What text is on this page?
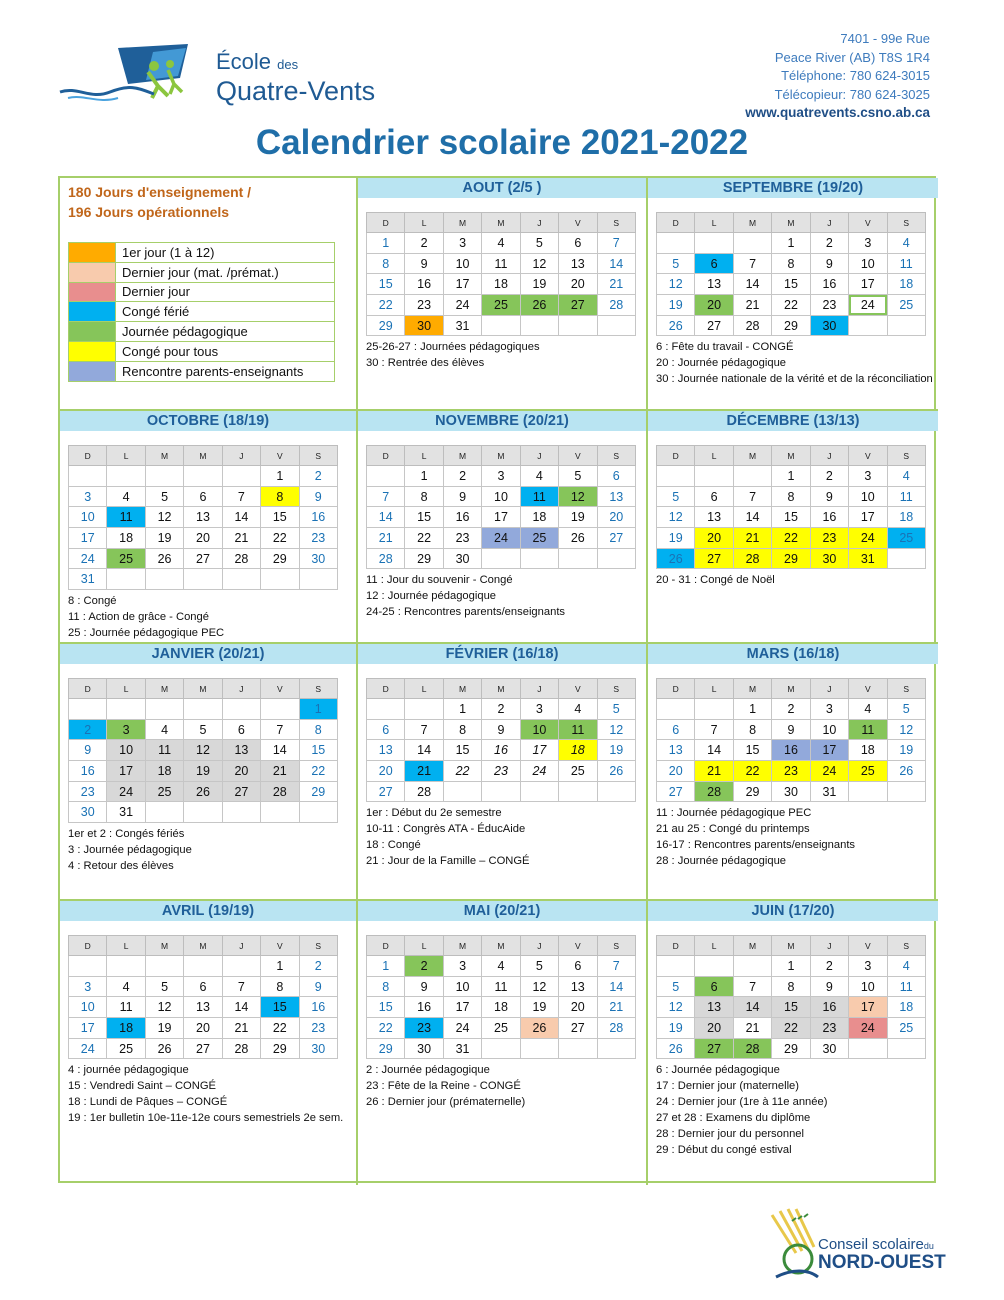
École des
Quatre-Vents
7401 - 99e Rue
Peace River (AB) T8S 1R4
Téléphone: 780 624-3015
Télécopieur: 780 624-3025
www.quatrevents.csno.ab.ca
Calendrier scolaire 2021-2022
180 Jours d'enseignement /
196 Jours opérationnels
	1er jour (1 à 12)
	Dernier jour (mat. /prémat.)
	Dernier jour
	Congé férié
	Journée pédagogique
	Congé pour tous
	Rencontre parents-enseignants
AOUT (2/5 )
D	L	M	M	J	V	S
1	2	3	4	5	6	7
8	9	10	11	12	13	14
15	16	17	18	19	20	21
22	23	24	25	26	27	28
29	30	31				
25-26-27 : Journées pédagogiques
30 : Rentrée des élèves
SEPTEMBRE (19/20)
D	L	M	M	J	V	S
			1	2	3	4
5	6	7	8	9	10	11
12	13	14	15	16	17	18
19	20	21	22	23	24	25
26	27	28	29	30		
6 : Fête du travail - CONGÉ
20 : Journée pédagogique
30 : Journée nationale de la vérité et de la réconciliation
OCTOBRE (18/19)
D	L	M	M	J	V	S
					1	2
3	4	5	6	7	8	9
10	11	12	13	14	15	16
17	18	19	20	21	22	23
24	25	26	27	28	29	30
31						
8 : Congé
11 : Action de grâce - Congé
25 : Journée pédagogique PEC
NOVEMBRE (20/21)
D	L	M	M	J	V	S
	1	2	3	4	5	6
7	8	9	10	11	12	13
14	15	16	17	18	19	20
21	22	23	24	25	26	27
28	29	30				
11 : Jour du souvenir - Congé
12 : Journée pédagogique
24-25 : Rencontres parents/enseignants
DÉCEMBRE (13/13)
D	L	M	M	J	V	S
			1	2	3	4
5	6	7	8	9	10	11
12	13	14	15	16	17	18
19	20	21	22	23	24	25
26	27	28	29	30	31	
20 - 31 : Congé de Noël
JANVIER (20/21)
D	L	M	M	J	V	S
						1
2	3	4	5	6	7	8
9	10	11	12	13	14	15
16	17	18	19	20	21	22
23	24	25	26	27	28	29
30	31					
1er et 2 : Congés fériés
3 : Journée pédagogique
4 : Retour des élèves
FÉVRIER (16/18)
D	L	M	M	J	V	S
		1	2	3	4	5
6	7	8	9	10	11	12
13	14	15	16	17	18	19
20	21	22	23	24	25	26
27	28					
1er : Début du 2e semestre
10-11 : Congrès ATA - ÉducAide
18 : Congé
21 : Jour de la Famille – CONGÉ
MARS (16/18)
D	L	M	M	J	V	S
		1	2	3	4	5
6	7	8	9	10	11	12
13	14	15	16	17	18	19
20	21	22	23	24	25	26
27	28	29	30	31		
11 : Journée pédagogique PEC
21 au 25 : Congé du printemps
16-17 : Rencontres parents/enseignants
28 : Journée pédagogique
AVRIL (19/19)
D	L	M	M	J	V	S
					1	2
3	4	5	6	7	8	9
10	11	12	13	14	15	16
17	18	19	20	21	22	23
24	25	26	27	28	29	30
4 : journée pédagogique
15 : Vendredi Saint – CONGÉ
18 : Lundi de Pâques – CONGÉ
19 : 1er bulletin 10e-11e-12e cours semestriels 2e sem.
MAI (20/21)
D	L	M	M	J	V	S
1	2	3	4	5	6	7
8	9	10	11	12	13	14
15	16	17	18	19	20	21
22	23	24	25	26	27	28
29	30	31				
2 : Journée pédagogique
23 : Fête de la Reine - CONGÉ
26 : Dernier jour (prématernelle)
JUIN (17/20)
D	L	M	M	J	V	S
			1	2	3	4
5	6	7	8	9	10	11
12	13	14	15	16	17	18
19	20	21	22	23	24	25
26	27	28	29	30		
6 : Journée pédagogique
17 : Dernier jour (maternelle)
24 : Dernier jour (1re à 11e année)
27 et 28 : Examens du diplôme
28 : Dernier jour du personnel
29 : Début du congé estival
Conseil scolairedu
NORD-OUEST
